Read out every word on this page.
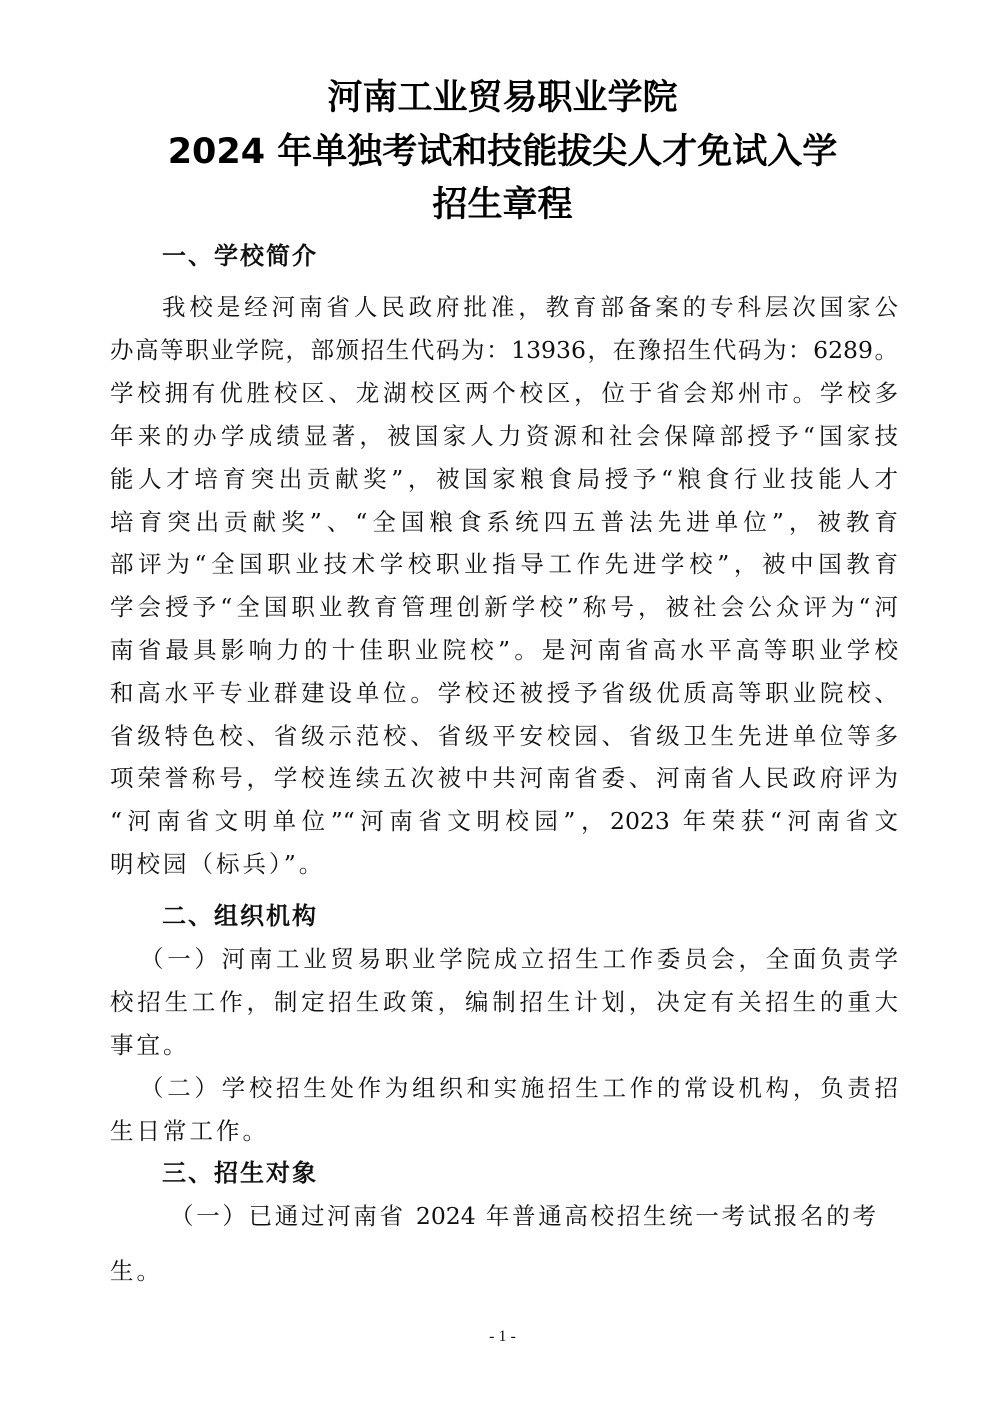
河南工业贸易职业学院
2024 年单独考试和技能拔尖人才免试入学
招生章程
一、学校简介
我校是经河南省人民政府批准，教育部备案的专科层次国家公
办高等职业学院，部颁招生代码为：13936，在豫招生代码为：6289。
学校拥有优胜校区、龙湖校区两个校区，位于省会郑州市。学校多
年来的办学成绩显著，被国家人力资源和社会保障部授予“国家技
能人才培育突出贡献奖”，被国家粮食局授予“粮食行业技能人才
培育突出贡献奖”、“全国粮食系统四五普法先进单位”，被教育
部评为“全国职业技术学校职业指导工作先进学校”，被中国教育
学会授予“全国职业教育管理创新学校”称号，被社会公众评为“河
南省最具影响力的十佳职业院校”。是河南省高水平高等职业学校
和高水平专业群建设单位。学校还被授予省级优质高等职业院校、
省级特色校、省级示范校、省级平安校园、省级卫生先进单位等多
项荣誉称号，学校连续五次被中共河南省委、河南省人民政府评为
“河南省文明单位”“河南省文明校园”，2023 年荣获“河南省文
明校园（标兵）”。
二、组织机构
（一）河南工业贸易职业学院成立招生工作委员会，全面负责学
校招生工作，制定招生政策，编制招生计划，决定有关招生的重大
事宜。
（二）学校招生处作为组织和实施招生工作的常设机构，负责招
生日常工作。
三、招生对象
（一）已通过河南省 2024 年普通高校招生统一考试报名的考
生。
- 1 -
